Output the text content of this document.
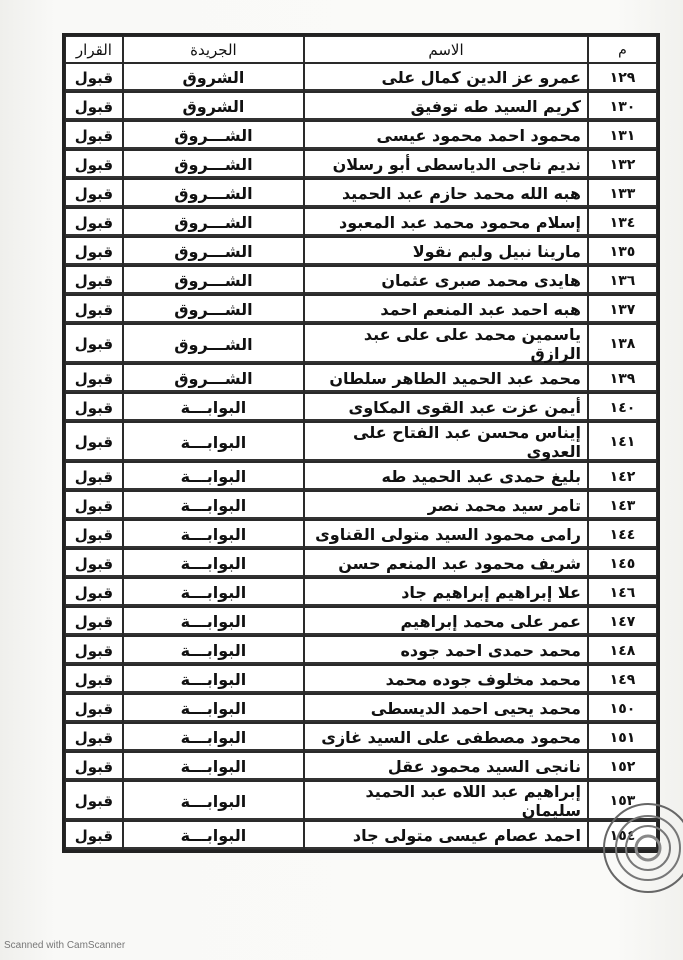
م	الاسم	الجريدة	القرار
١٢٩	عمرو عز الدين كمال على	الشروق	قبول
١٣٠	كريم السيد طه توفيق	الشروق	قبول
١٣١	محمود احمد محمود عيسى	الشـــروق	قبول
١٣٢	نديم ناجى الدياسطى أبو رسلان	الشـــروق	قبول
١٣٣	هبه الله محمد حازم عبد الحميد	الشـــروق	قبول
١٣٤	إسلام محمود محمد عبد المعبود	الشـــروق	قبول
١٣٥	مارينا نبيل وليم نقولا	الشـــروق	قبول
١٣٦	هايدى محمد صبرى عثمان	الشـــروق	قبول
١٣٧	هبه احمد عبد المنعم احمد	الشـــروق	قبول
١٣٨	ياسمين محمد على على عبد الرازق	الشـــروق	قبول
١٣٩	محمد عبد الحميد الطاهر سلطان	الشـــروق	قبول
١٤٠	أيمن عزت عبد القوى المكاوى	البوابـــة	قبول
١٤١	إيناس محسن عبد الفتاح على العدوى	البوابـــة	قبول
١٤٢	بليغ حمدى عبد الحميد طه	البوابـــة	قبول
١٤٣	تامر سيد محمد نصر	البوابـــة	قبول
١٤٤	رامى محمود السيد متولى القناوى	البوابـــة	قبول
١٤٥	شريف محمود عبد المنعم حسن	البوابـــة	قبول
١٤٦	علا إبراهيم إبراهيم جاد	البوابـــة	قبول
١٤٧	عمر على محمد إبراهيم	البوابـــة	قبول
١٤٨	محمد حمدى احمد جوده	البوابـــة	قبول
١٤٩	محمد مخلوف جوده محمد	البوابـــة	قبول
١٥٠	محمد يحيى احمد الديسطى	البوابـــة	قبول
١٥١	محمود مصطفى على السيد غازى	البوابـــة	قبول
١٥٢	نانجى السيد محمود عقل	البوابـــة	قبول
١٥٣	إبراهيم عبد اللاه عبد الحميد سليمان	البوابـــة	قبول
١٥٤	احمد عصام عيسى متولى جاد	البوابـــة	قبول
Scanned with CamScanner
